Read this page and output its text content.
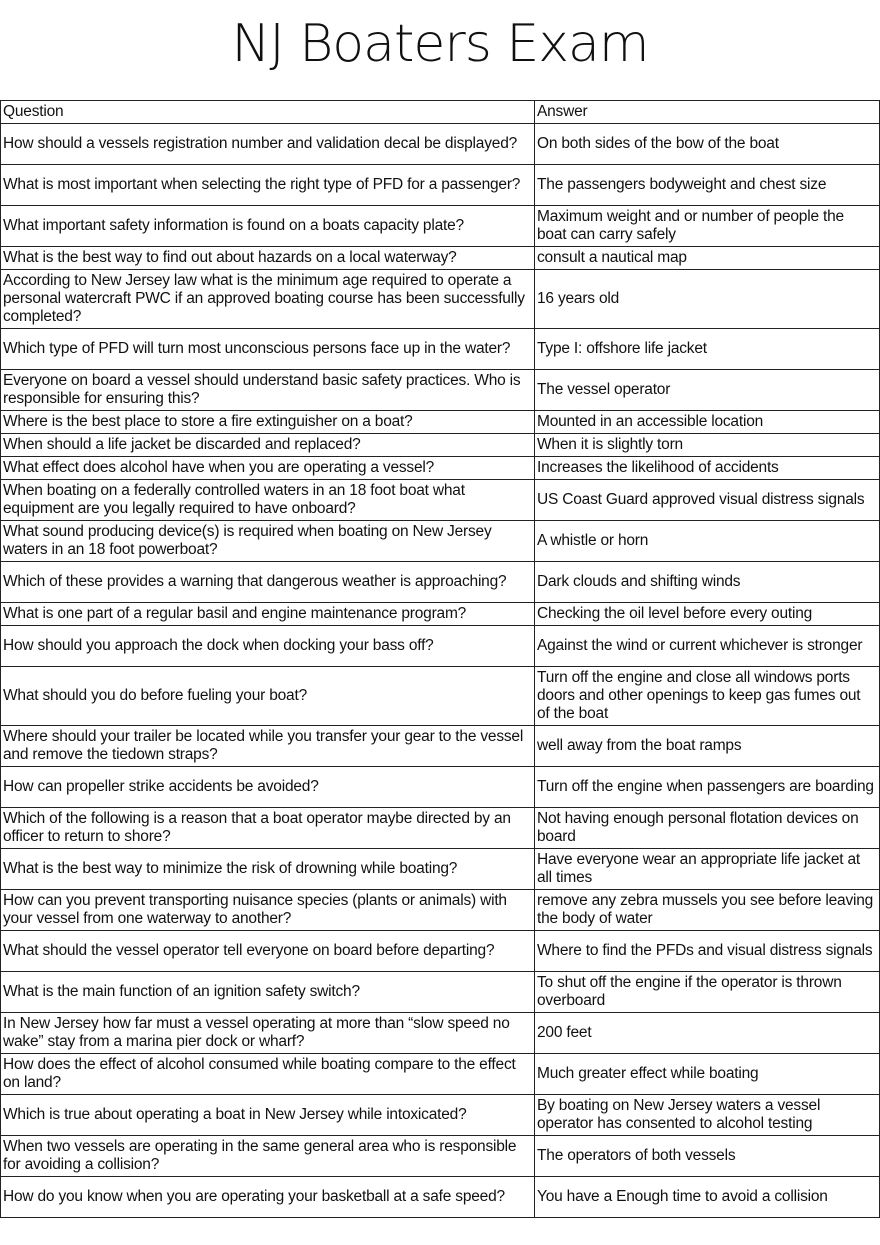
NJ Boaters Exam
Question	Answer
How should a vessels registration number and validation decal be displayed?	On both sides of the bow of the boat
What is most important when selecting the right type of PFD for a passenger?	The passengers bodyweight and chest size
What important safety information is found on a boats capacity plate?	Maximum weight and or number of people the boat can carry safely
What is the best way to find out about hazards on a local waterway?	consult a nautical map
According to New Jersey law what is the minimum age required to operate a personal watercraft PWC if an approved boating course has been successfully completed?	16 years old
Which type of PFD will turn most unconscious persons face up in the water?	Type I: offshore life jacket
Everyone on board a vessel should understand basic safety practices. Who is responsible for ensuring this?	The vessel operator
Where is the best place to store a fire extinguisher on a boat?	Mounted in an accessible location
When should a life jacket be discarded and replaced?	When it is slightly torn
What effect does alcohol have when you are operating a vessel?	Increases the likelihood of accidents
When boating on a federally controlled waters in an 18 foot boat what equipment are you legally required to have onboard?	US Coast Guard approved visual distress signals
What sound producing device(s) is required when boating on New Jersey waters in an 18 foot powerboat?	A whistle or horn
Which of these provides a warning that dangerous weather is approaching?	Dark clouds and shifting winds
What is one part of a regular basil and engine maintenance program?	Checking the oil level before every outing
How should you approach the dock when docking your bass off?	Against the wind or current whichever is stronger
What should you do before fueling your boat?	Turn off the engine and close all windows ports doors and other openings to keep gas fumes out of the boat
Where should your trailer be located while you transfer your gear to the vessel and remove the tiedown straps?	well away from the boat ramps
How can propeller strike accidents be avoided?	Turn off the engine when passengers are boarding
Which of the following is a reason that a boat operator maybe directed by an officer to return to shore?	Not having enough personal flotation devices on board
What is the best way to minimize the risk of drowning while boating?	Have everyone wear an appropriate life jacket at all times
How can you prevent transporting nuisance species (plants or animals) with your vessel from one waterway to another?	remove any zebra mussels you see before leaving the body of water
What should the vessel operator tell everyone on board before departing?	Where to find the PFDs and visual distress signals
What is the main function of an ignition safety switch?	To shut off the engine if the operator is thrown overboard
In New Jersey how far must a vessel operating at more than “slow speed no wake” stay from a marina pier dock or wharf?	200 feet
How does the effect of alcohol consumed while boating compare to the effect on land?	Much greater effect while boating
Which is true about operating a boat in New Jersey while intoxicated?	By boating on New Jersey waters a vessel operator has consented to alcohol testing
When two vessels are operating in the same general area who is responsible for avoiding a collision?	The operators of both vessels
How do you know when you are operating your basketball at a safe speed?	You have a Enough time to avoid a collision
